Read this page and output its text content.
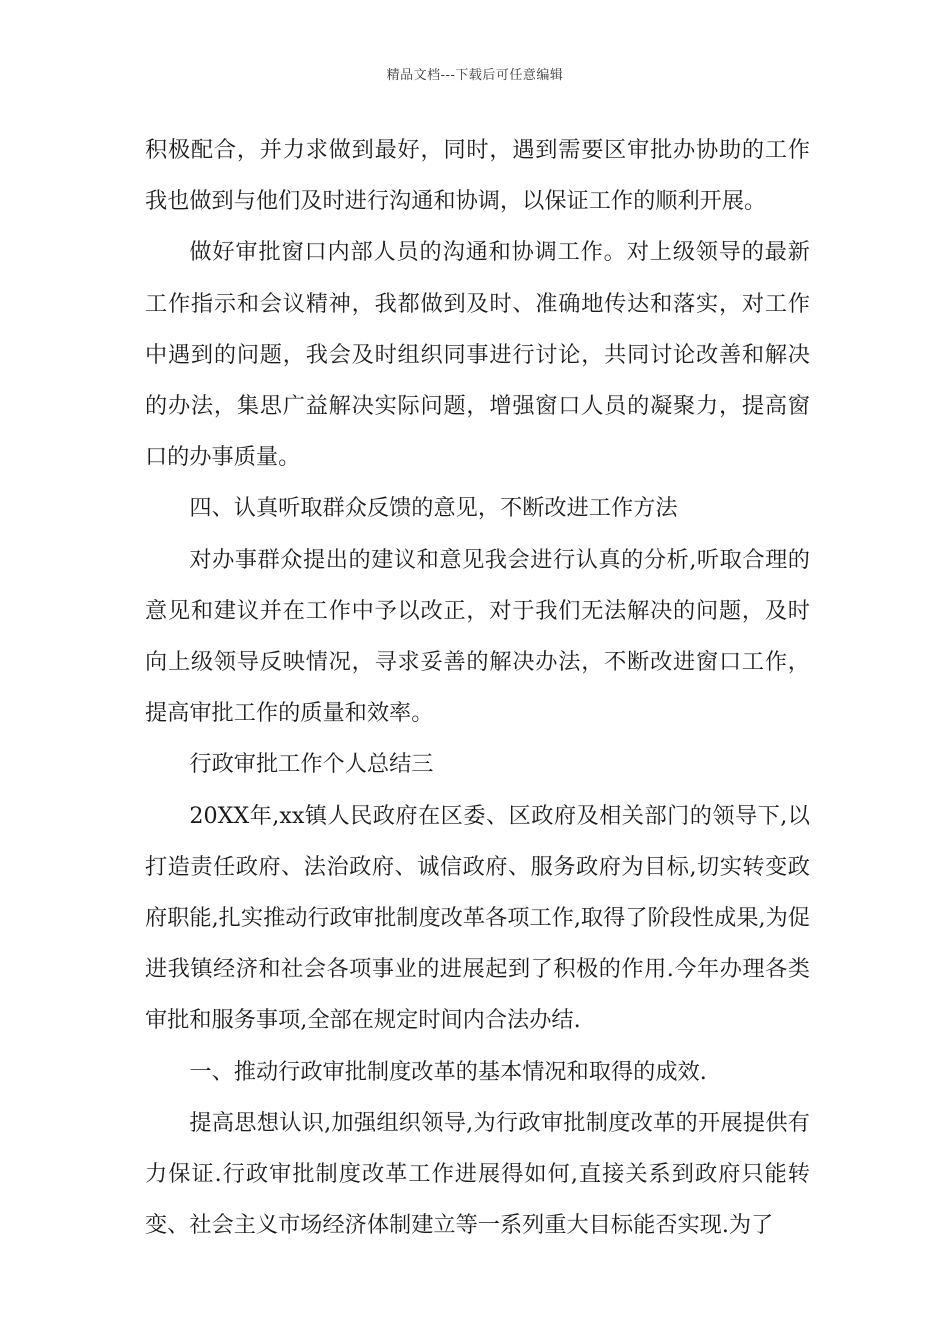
精品文档---下载后可任意编辑

积极配合，并力求做到最好，同时，遇到需要区审批办协助的工作我也做到与他们及时进行沟通和协调，以保证工作的顺利开展。

做好审批窗口内部人员的沟通和协调工作。对上级领导的最新工作指示和会议精神，我都做到及时、准确地传达和落实，对工作中遇到的问题，我会及时组织同事进行讨论，共同讨论改善和解决的办法，集思广益解决实际问题，增强窗口人员的凝聚力，提高窗口的办事质量。

四、认真听取群众反馈的意见，不断改进工作方法

对办事群众提出的建议和意见我会进行认真的分析,听取合理的意见和建议并在工作中予以改正，对于我们无法解决的问题，及时向上级领导反映情况，寻求妥善的解决办法，不断改进窗口工作，提高审批工作的质量和效率。

行政审批工作个人总结三

20XX年,xx镇人民政府在区委、区政府及相关部门的领导下,以打造责任政府、法治政府、诚信政府、服务政府为目标,切实转变政府职能,扎实推动行政审批制度改革各项工作,取得了阶段性成果,为促进我镇经济和社会各项事业的进展起到了积极的作用.今年办理各类审批和服务事项,全部在规定时间内合法办结.

一、推动行政审批制度改革的基本情况和取得的成效.

提高思想认识,加强组织领导,为行政审批制度改革的开展提供有力保证.行政审批制度改革工作进展得如何,直接关系到政府只能转变、社会主义市场经济体制建立等一系列重大目标能否实现.为了
